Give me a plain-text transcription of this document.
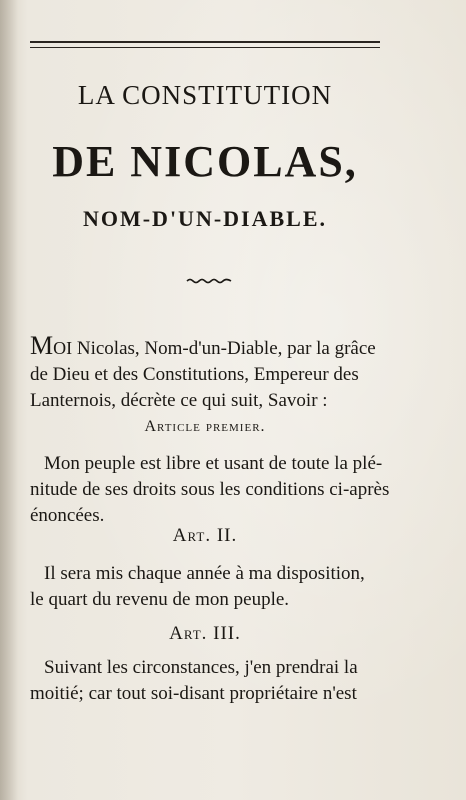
LA CONSTITUTION
DE NICOLAS,
NOM-D'UN-DIABLE.
Moi Nicolas, Nom-d'un-Diable, par la grâce
de Dieu et des Constitutions, Empereur des
Lanternois, décrète ce qui suit, Savoir :
Article premier.
Mon peuple est libre et usant de toute la plé-
nitude de ses droits sous les conditions ci-après
énoncées.
Art. II.
Il sera mis chaque année à ma disposition,
le quart du revenu de mon peuple.
Art. III.
Suivant les circonstances, j'en prendrai la
moitié; car tout soi-disant propriétaire n'est
